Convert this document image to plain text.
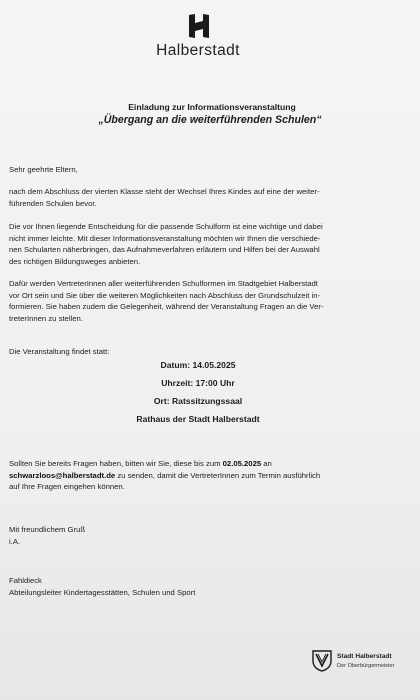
Halberstadt
Einladung zur Informationsveranstaltung
„Übergang an die weiterführenden Schulen“
Sehr geehrte Eltern,
nach dem Abschluss der vierten Klasse steht der Wechsel Ihres Kindes auf eine der weiter-
führenden Schulen bevor.
Die vor Ihnen liegende Entscheidung für die passende Schulform ist eine wichtige und dabei
nicht immer leichte. Mit dieser Informationsveranstaltung möchten wir Ihnen die verschiede-
nen Schularten näherbringen, das Aufnahmeverfahren erläutern und Hilfen bei der Auswahl
des richtigen Bildungsweges anbieten.
Dafür werden VertreterInnen aller weiterführenden Schulformen im Stadtgebiet Halberstadt
vor Ort sein und Sie über die weiteren Möglichkeiten nach Abschluss der Grundschulzeit in-
formieren. Sie haben zudem die Gelegenheit, während der Veranstaltung Fragen an die Ver-
treterInnen zu stellen.
Die Veranstaltung findet statt:
Datum: 14.05.2025
Uhrzeit: 17:00 Uhr
Ort: Ratssitzungssaal
Rathaus der Stadt Halberstadt
Sollten Sie bereits Fragen haben, bitten wir Sie, diese bis zum 02.05.2025 an
schwarzloos@halberstadt.de zu senden, damit die VertreterInnen zum Termin ausführlich
auf Ihre Fragen eingehen können.
Mit freundlichem Gruß
i.A.
Fahldieck
Abteilungsleiter Kindertagesstätten, Schulen und Sport
Stadt Halberstadt
Der Oberbürgermeister
